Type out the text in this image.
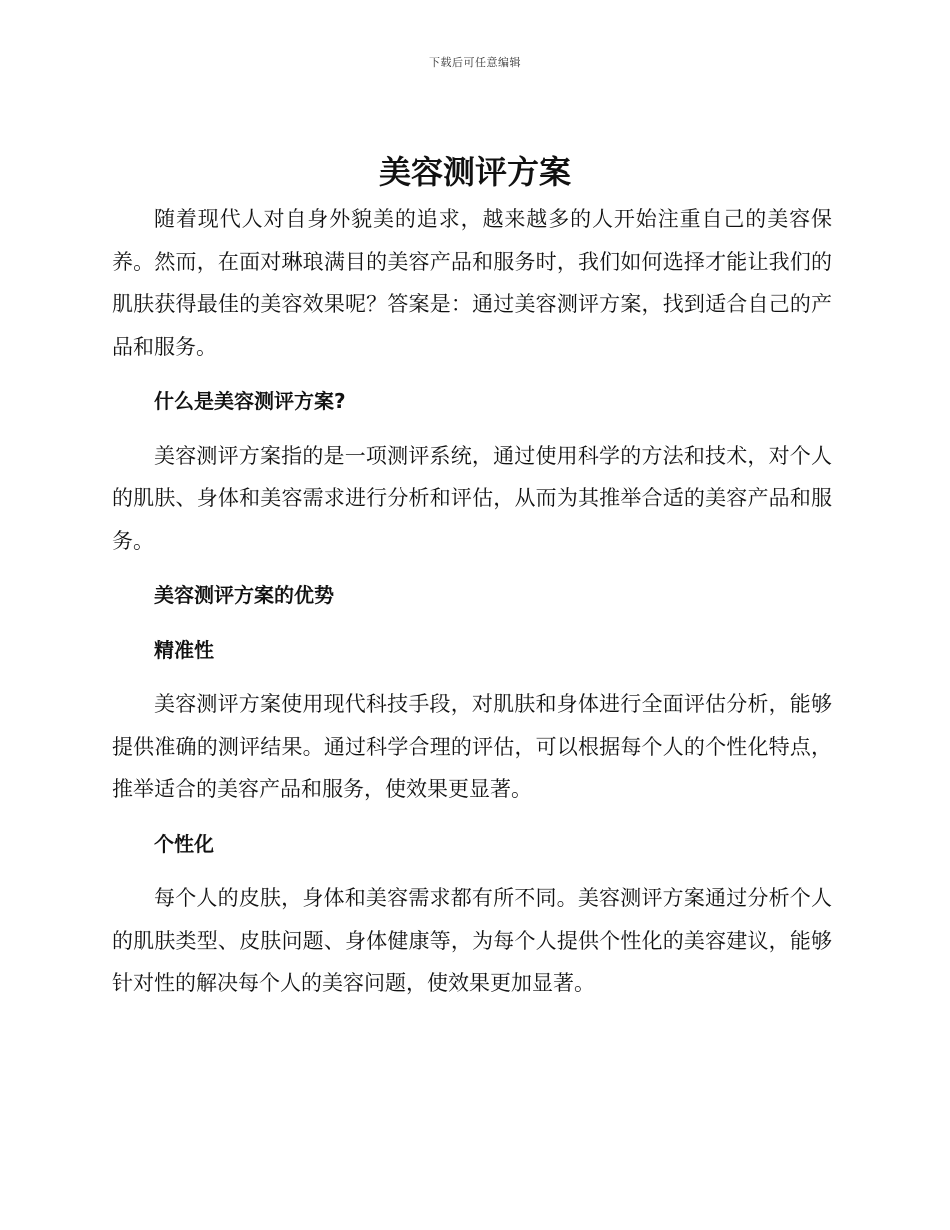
下载后可任意编辑
美容测评方案

随着现代人对自身外貌美的追求，越来越多的人开始注重自己的美容保养。然而，在面对琳琅满目的美容产品和服务时，我们如何选择才能让我们的肌肤获得最佳的美容效果呢？答案是：通过美容测评方案，找到适合自己的产品和服务。

什么是美容测评方案?

美容测评方案指的是一项测评系统，通过使用科学的方法和技术，对个人的肌肤、身体和美容需求进行分析和评估，从而为其推举合适的美容产品和服务。

美容测评方案的优势

精准性

美容测评方案使用现代科技手段，对肌肤和身体进行全面评估分析，能够提供准确的测评结果。通过科学合理的评估，可以根据每个人的个性化特点，推举适合的美容产品和服务，使效果更显著。

个性化

每个人的皮肤，身体和美容需求都有所不同。美容测评方案通过分析个人的肌肤类型、皮肤问题、身体健康等，为每个人提供个性化的美容建议，能够针对性的解决每个人的美容问题，使效果更加显著。
